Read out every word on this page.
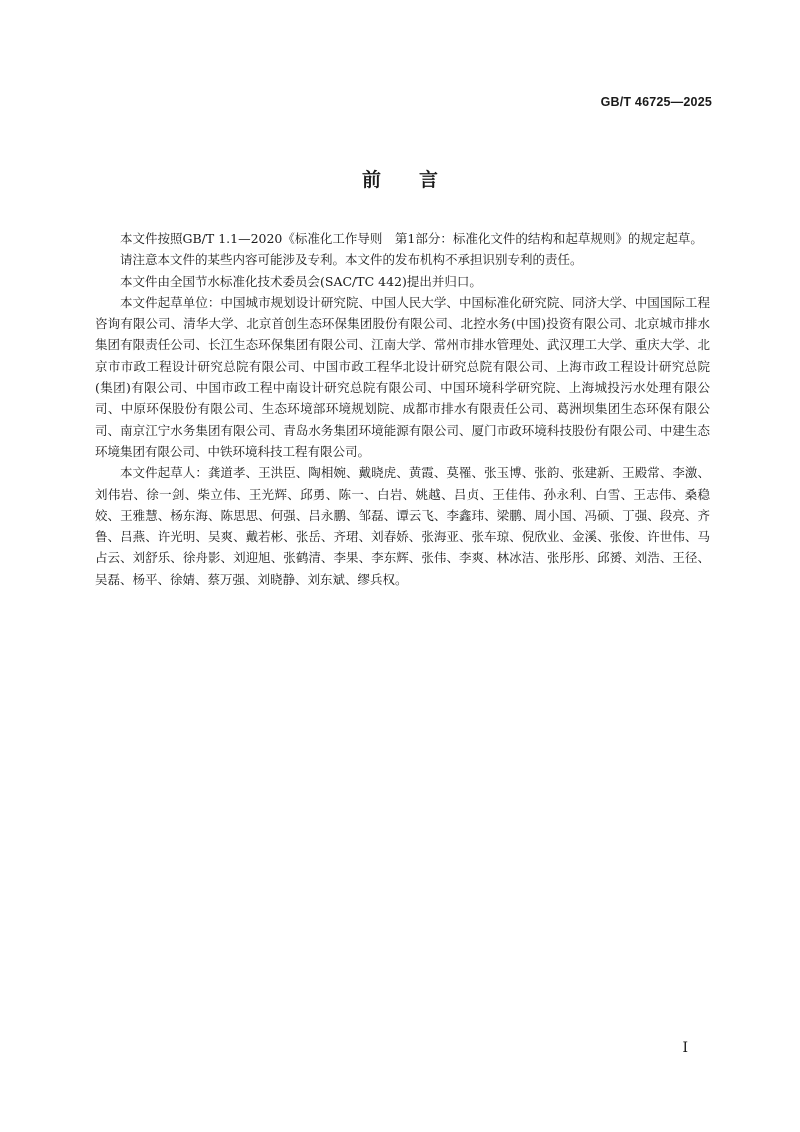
GB/T 46725—2025
前言

本文件按照GB/T 1.1—2020《标准化工作导则　第1部分：标准化文件的结构和起草规则》的规定起草。

请注意本文件的某些内容可能涉及专利。本文件的发布机构不承担识别专利的责任。

本文件由全国节水标准化技术委员会(SAC/TC 442)提出并归口。

本文件起草单位：中国城市规划设计研究院、中国人民大学、中国标准化研究院、同济大学、中国国际工程咨询有限公司、清华大学、北京首创生态环保集团股份有限公司、北控水务(中国)投资有限公司、北京城市排水集团有限责任公司、长江生态环保集团有限公司、江南大学、常州市排水管理处、武汉理工大学、重庆大学、北京市市政工程设计研究总院有限公司、中国市政工程华北设计研究总院有限公司、上海市政工程设计研究总院(集团)有限公司、中国市政工程中南设计研究总院有限公司、中国环境科学研究院、上海城投污水处理有限公司、中原环保股份有限公司、生态环境部环境规划院、成都市排水有限责任公司、葛洲坝集团生态环保有限公司、南京江宁水务集团有限公司、青岛水务集团环境能源有限公司、厦门市政环境科技股份有限公司、中建生态环境集团有限公司、中铁环境科技工程有限公司。

本文件起草人：龚道孝、王洪臣、陶相婉、戴晓虎、黄霞、莫罹、张玉博、张韵、张建新、王殿常、李激、刘伟岩、徐一剑、柴立伟、王光辉、邱勇、陈一、白岩、姚越、吕贞、王佳伟、孙永利、白雪、王志伟、桑稳姣、王雅慧、杨东海、陈思思、何强、吕永鹏、邹磊、谭云飞、李鑫玮、梁鹏、周小国、冯硕、丁强、段亮、齐鲁、吕燕、许光明、吴爽、戴若彬、张岳、齐珺、刘春娇、张海亚、张车琼、倪欣业、金溪、张俊、许世伟、马占云、刘舒乐、徐舟影、刘迎旭、张鹤清、李果、李东辉、张伟、李爽、林冰洁、张彤彤、邱赟、刘浩、王径、吴磊、杨平、徐婧、蔡万强、刘晓静、刘东斌、缪兵权。

I
